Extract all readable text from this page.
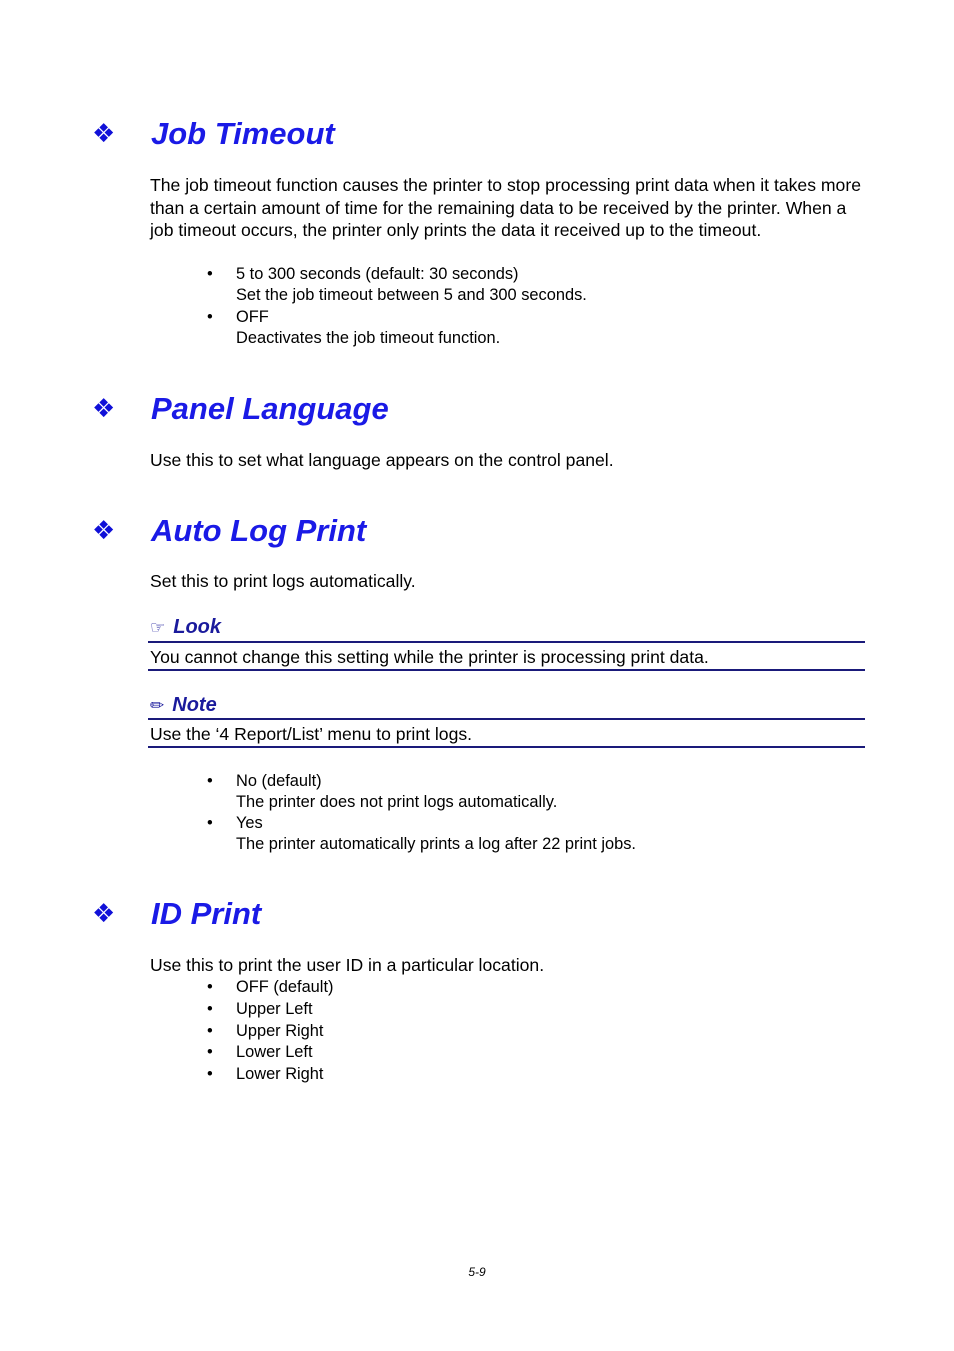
❖ Job Timeout
The job timeout function causes the printer to stop processing print data when it takes more than a certain amount of time for the remaining data to be received by the printer. When a job timeout occurs, the printer only prints the data it received up to the timeout.
•	5 to 300 seconds (default: 30 seconds)
Set the job timeout between 5 and 300 seconds.
•	OFF
Deactivates the job timeout function.
❖ Panel Language
Use this to set what language appears on the control panel.
❖ Auto Log Print
Set this to print logs automatically.
☞ Look
You cannot change this setting while the printer is processing print data.
✏ Note
Use the ‘4 Report/List’ menu to print logs.
•	No (default)
The printer does not print logs automatically.
•	Yes
The printer automatically prints a log after 22 print jobs.
❖ ID Print
Use this to print the user ID in a particular location.
•	OFF (default)
•	Upper Left
•	Upper Right
•	Lower Left
•	Lower Right
5-9
